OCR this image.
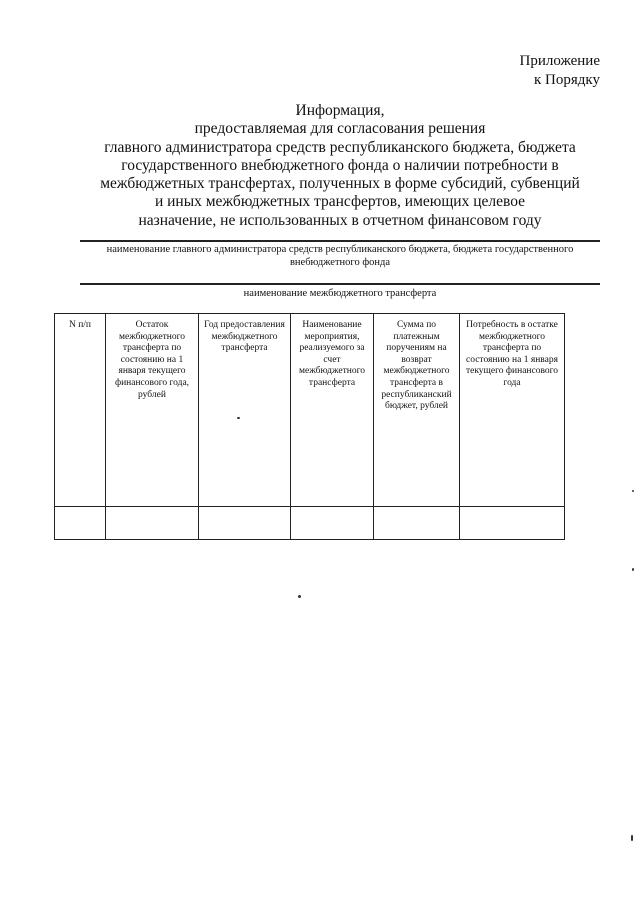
Приложение
к Порядку
Информация,
предоставляемая для согласования решения
главного администратора средств республиканского бюджета, бюджета
государственного внебюджетного фонда о наличии потребности в
межбюджетных трансфертах, полученных в форме субсидий, субвенций
и иных межбюджетных трансфертов, имеющих целевое
назначение, не использованных в отчетном финансовом году
наименование главного администратора средств республиканского бюджета, бюджета государственного внебюджетного фонда
наименование межбюджетного трансферта
N п/п	Остаток межбюджетного трансферта по состоянию на 1 января текущего финансового года, рублей	Год предоставления межбюджетного трансферта	Наименование мероприятия, реализуемого за счет межбюджетного трансферта	Сумма по платежным поручениям на возврат межбюджетного трансферта в республиканский бюджет, рублей	Потребность в остатке межбюджетного трансферта по состоянию на 1 января текущего финансового года
